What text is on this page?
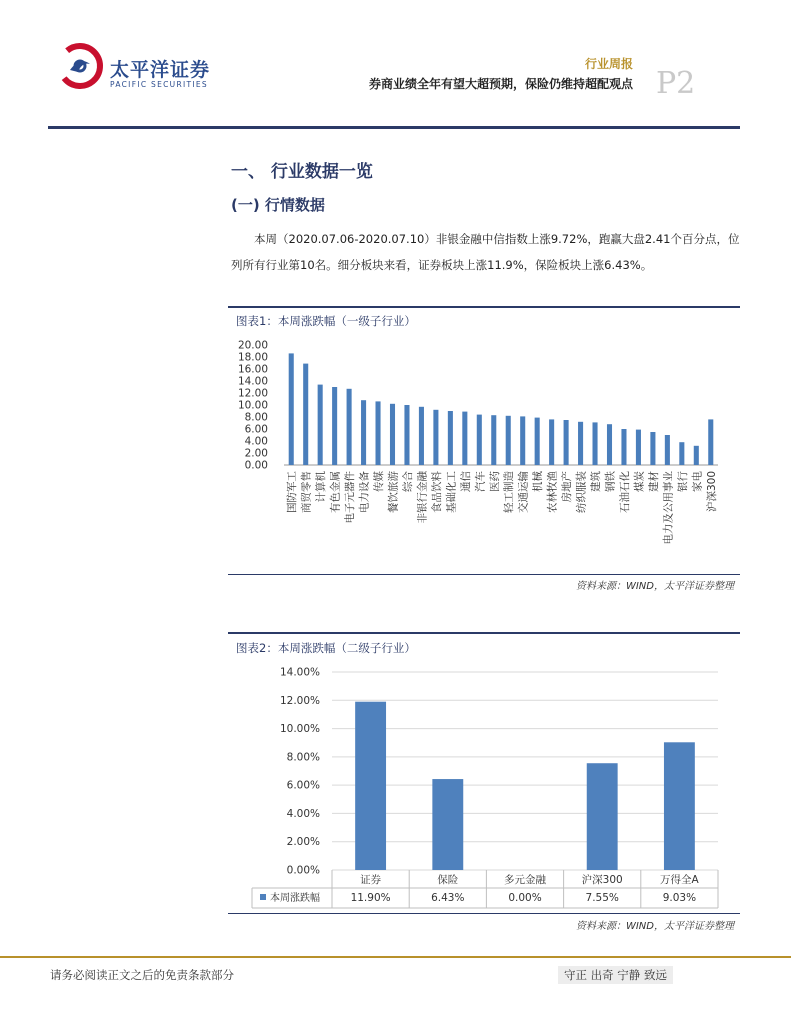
太平洋证券
PACIFIC SECURITIES
行业周报
券商业绩全年有望大超预期，保险仍维持超配观点 P2
一、 行业数据一览
(一) 行情数据
本周（2020.07.06-2020.07.10）非银金融中信指数上涨9.72%，跑赢大盘2.41个百分点，位列所有行业第10名。细分板块来看，证券板块上涨11.9%，保险板块上涨6.43%。
图表1：本周涨跌幅（一级子行业）
0.00
2.00
4.00
6.00
8.00
10.00
12.00
14.00
16.00
18.00
20.00
国防军工 商贸零售 计算机 有色金属 电子元器件 电力设备 传媒 餐饮旅游 综合 非银行金融 食品饮料 基础化工 通信 汽车 医药 轻工制造 交通运输 机械 农林牧渔 房地产 纺织服装 建筑 钢铁 石油石化 煤炭 建材 电力及公用事业 银行 家电 沪深300
资料来源：WIND，太平洋证券整理
图表2：本周涨跌幅（二级子行业）
0.00%
2.00%
4.00%
6.00%
8.00%
10.00%
12.00%
14.00%
本周涨跌幅
证券
11.90%
保险
6.43%
多元金融
0.00%
沪深300
7.55%
万得全A
9.03%
资料来源：WIND，太平洋证券整理
请务必阅读正文之后的免责条款部分	守正 出奇 宁静 致远
